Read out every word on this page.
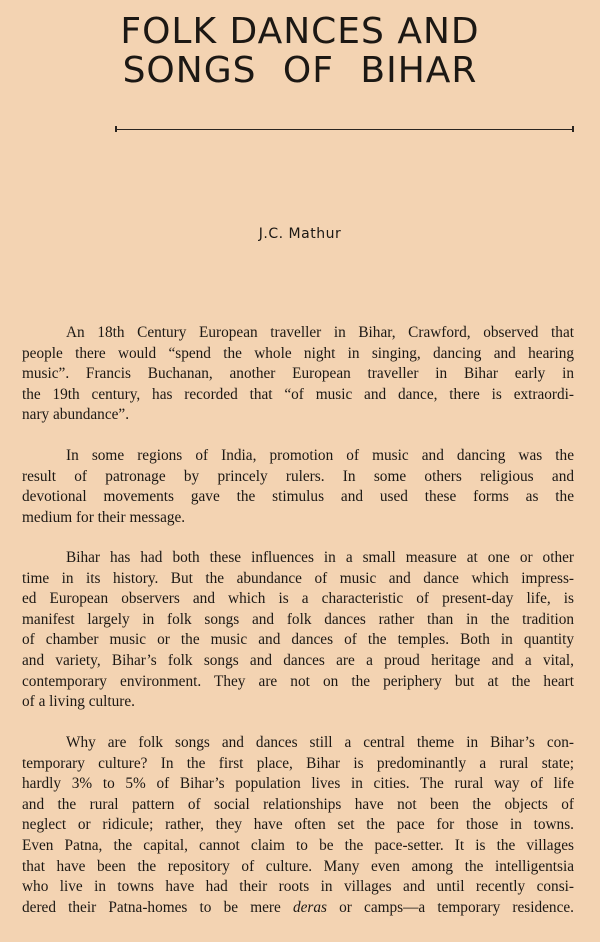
FOLK DANCES AND
SONGS OF BIHAR
J.C. Mathur
An 18th Century European traveller in Bihar, Crawford, observed that
people there would “spend the whole night in singing, dancing and hearing
music”. Francis Buchanan, another European traveller in Bihar early in
the 19th century, has recorded that “of music and dance, there is extraordi-
nary abundance”.
In some regions of India, promotion of music and dancing was the
result of patronage by princely rulers. In some others religious and
devotional movements gave the stimulus and used these forms as the
medium for their message.
Bihar has had both these influences in a small measure at one or other
time in its history. But the abundance of music and dance which impress-
ed European observers and which is a characteristic of present-day life, is
manifest largely in folk songs and folk dances rather than in the tradition
of chamber music or the music and dances of the temples. Both in quantity
and variety, Bihar’s folk songs and dances are a proud heritage and a vital,
contemporary environment. They are not on the periphery but at the heart
of a living culture.
Why are folk songs and dances still a central theme in Bihar’s con-
temporary culture? In the first place, Bihar is predominantly a rural state;
hardly 3% to 5% of Bihar’s population lives in cities. The rural way of life
and the rural pattern of social relationships have not been the objects of
neglect or ridicule; rather, they have often set the pace for those in towns.
Even Patna, the capital, cannot claim to be the pace-setter. It is the villages
that have been the repository of culture. Many even among the intelligentsia
who live in towns have had their roots in villages and until recently consi-
dered their Patna-homes to be mere deras or camps—a temporary residence.
